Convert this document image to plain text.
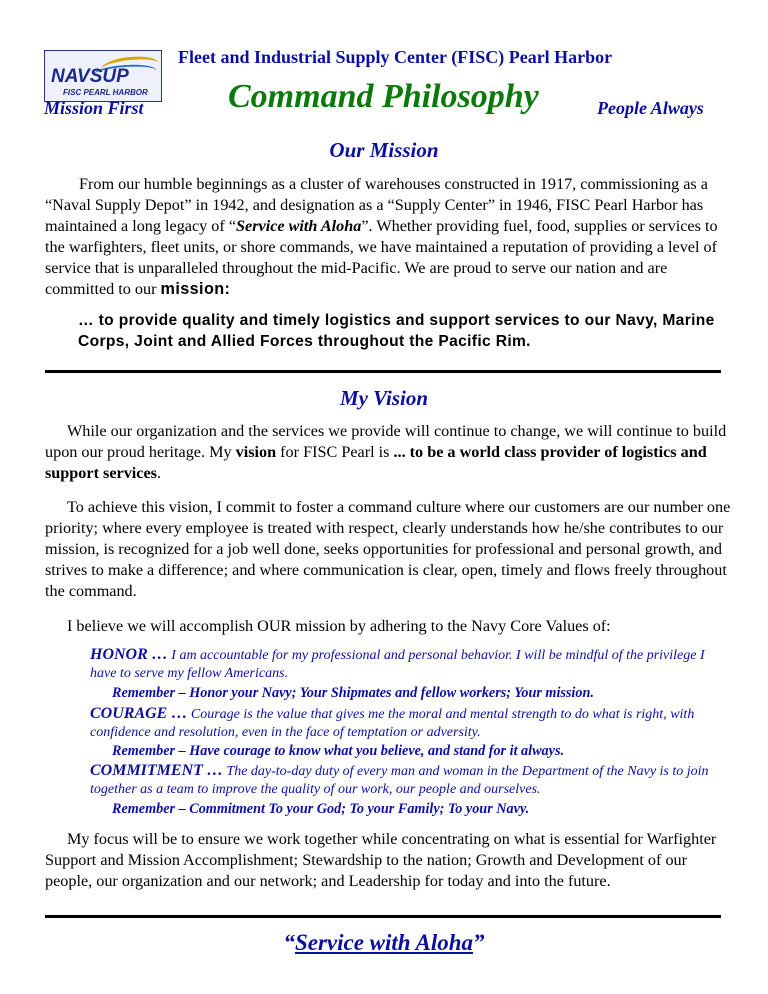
NAVSUP
FISC PEARL HARBOR
Fleet and Industrial Supply Center (FISC) Pearl Harbor
Mission First Command Philosophy	People Always
Our Mission
From our humble beginnings as a cluster of warehouses constructed in 1917, commissioning as a “Naval Supply Depot” in 1942, and designation as a “Supply Center” in 1946, FISC Pearl Harbor has maintained a long legacy of “Service with Aloha”. Whether providing fuel, food, supplies or services to the warfighters, fleet units, or shore commands, we have maintained a reputation of providing a level of service that is unparalleled throughout the mid-Pacific. We are proud to serve our nation and are committed to our mission:
… to provide quality and timely logistics and support services to our Navy, Marine Corps, Joint and Allied Forces throughout the Pacific Rim.
My Vision
While our organization and the services we provide will continue to change, we will continue to build upon our proud heritage. My vision for FISC Pearl is ... to be a world class provider of logistics and support services.
To achieve this vision, I commit to foster a command culture where our customers are our number one priority; where every employee is treated with respect, clearly understands how he/she contributes to our mission, is recognized for a job well done, seeks opportunities for professional and personal growth, and strives to make a difference; and where communication is clear, open, timely and flows freely throughout the command.
I believe we will accomplish OUR mission by adhering to the Navy Core Values of:
HONOR … I am accountable for my professional and personal behavior. I will be mindful of the privilege I have to serve my fellow Americans.
Remember – Honor your Navy; Your Shipmates and fellow workers; Your mission.
COURAGE … Courage is the value that gives me the moral and mental strength to do what is right, with confidence and resolution, even in the face of temptation or adversity.
Remember – Have courage to know what you believe, and stand for it always.
COMMITMENT … The day-to-day duty of every man and woman in the Department of the Navy is to join together as a team to improve the quality of our work, our people and ourselves.
Remember – Commitment To your God; To your Family; To your Navy.
My focus will be to ensure we work together while concentrating on what is essential for Warfighter Support and Mission Accomplishment; Stewardship to the nation; Growth and Development of our people, our organization and our network; and Leadership for today and into the future.
“Service with Aloha”
